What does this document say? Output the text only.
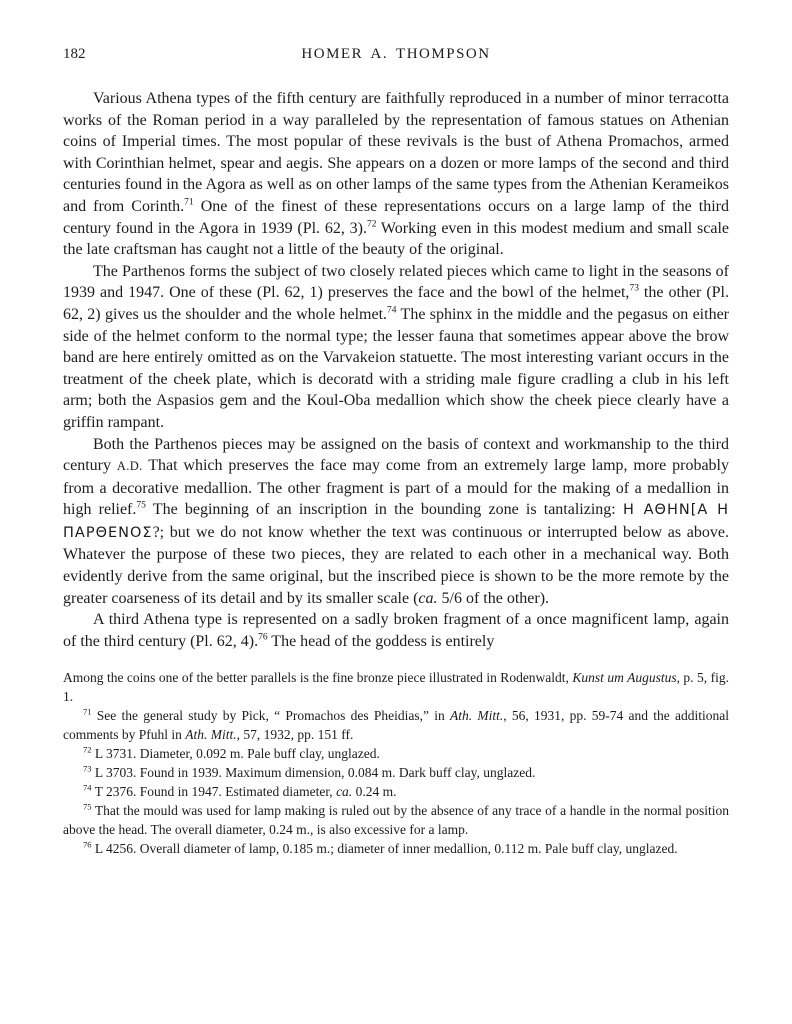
182	HOMER A. THOMPSON

Various Athena types of the fifth century are faithfully reproduced in a number of minor terracotta works of the Roman period in a way paralleled by the representation of famous statues on Athenian coins of Imperial times. The most popular of these revivals is the bust of Athena Promachos, armed with Corinthian helmet, spear and aegis. She appears on a dozen or more lamps of the second and third centuries found in the Agora as well as on other lamps of the same types from the Athenian Kerameikos and from Corinth.$^{71}$ One of the finest of these representations occurs on a large lamp of the third century found in the Agora in 1939 (Pl. 62, 3).$^{72}$ Working even in this modest medium and small scale the late craftsman has caught not a little of the beauty of the original.

The Parthenos forms the subject of two closely related pieces which came to light in the seasons of 1939 and 1947. One of these (Pl. 62, 1) preserves the face and the bowl of the helmet,$^{73}$ the other (Pl. 62, 2) gives us the shoulder and the whole helmet.$^{74}$ The sphinx in the middle and the pegasus on either side of the helmet conform to the normal type; the lesser fauna that sometimes appear above the brow band are here entirely omitted as on the Varvakeion statuette. The most interesting variant occurs in the treatment of the cheek plate, which is decoratd with a striding male figure cradling a club in his left arm; both the Aspasios gem and the Koul-Oba medallion which show the cheek piece clearly have a griffin rampant.

Both the Parthenos pieces may be assigned on the basis of context and workmanship to the third century A.D. That which preserves the face may come from an extremely large lamp, more probably from a decorative medallion. The other fragment is part of a mould for the making of a medallion in high relief.$^{75}$ The beginning of an inscription in the bounding zone is tantalizing: Η ΑΘΗΝ[Α Η ΠΑΡΘΕΝΟΣ?; but we do not know whether the text was continuous or interrupted below as above. Whatever the purpose of these two pieces, they are related to each other in a mechanical way. Both evidently derive from the same original, but the inscribed piece is shown to be the more remote by the greater coarseness of its detail and by its smaller scale (ca. 5/6 of the other).

A third Athena type is represented on a sadly broken fragment of a once magnificent lamp, again of the third century (Pl. 62, 4).$^{76}$ The head of the goddess is entirely

Among the coins one of the better parallels is the fine bronze piece illustrated in Rodenwaldt, Kunst um Augustus, p. 5, fig. 1.

$^{71}$ See the general study by Pick, “ Promachos des Pheidias,” in Ath. Mitt., 56, 1931, pp. 59-74 and the additional comments by Pfuhl in Ath. Mitt., 57, 1932, pp. 151 ff.

$^{72}$ L 3731. Diameter, 0.092 m. Pale buff clay, unglazed.

$^{73}$ L 3703. Found in 1939. Maximum dimension, 0.084 m. Dark buff clay, unglazed.

$^{74}$ T 2376. Found in 1947. Estimated diameter, ca. 0.24 m.

$^{75}$ That the mould was used for lamp making is ruled out by the absence of any trace of a handle in the normal position above the head. The overall diameter, 0.24 m., is also excessive for a lamp.

$^{76}$ L 4256. Overall diameter of lamp, 0.185 m.; diameter of inner medallion, 0.112 m. Pale buff clay, unglazed.
